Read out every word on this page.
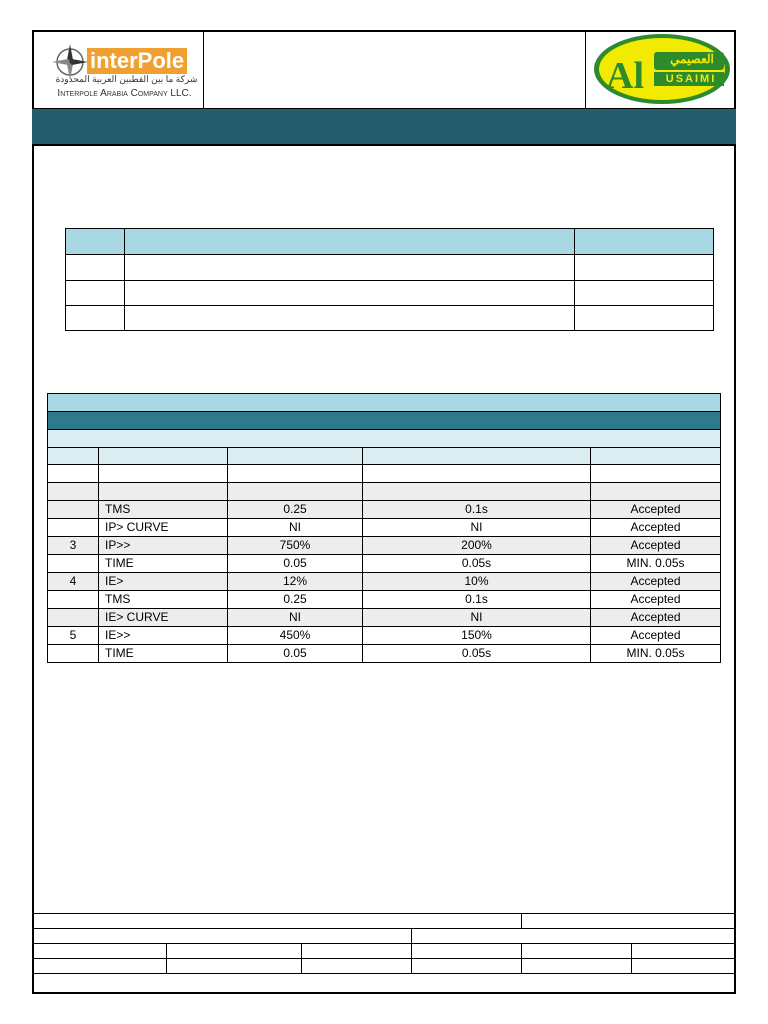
interPole
شركة ما بين القطبين العربية المحدودة
Interpole Arabia Company LLC.	Al	العصيمي
USAIMI

	TMS	0.25	0.1s	Accepted
	IP> CURVE	NI	NI	Accepted
3	IP>>	750%	200%	Accepted
	TIME	0.05	0.05s	MIN. 0.05s
4	IE>	12%	10%	Accepted
	TMS	0.25	0.1s	Accepted
	IE> CURVE	NI	NI	Accepted
5	IE>>	450%	150%	Accepted
	TIME	0.05	0.05s	MIN. 0.05s
